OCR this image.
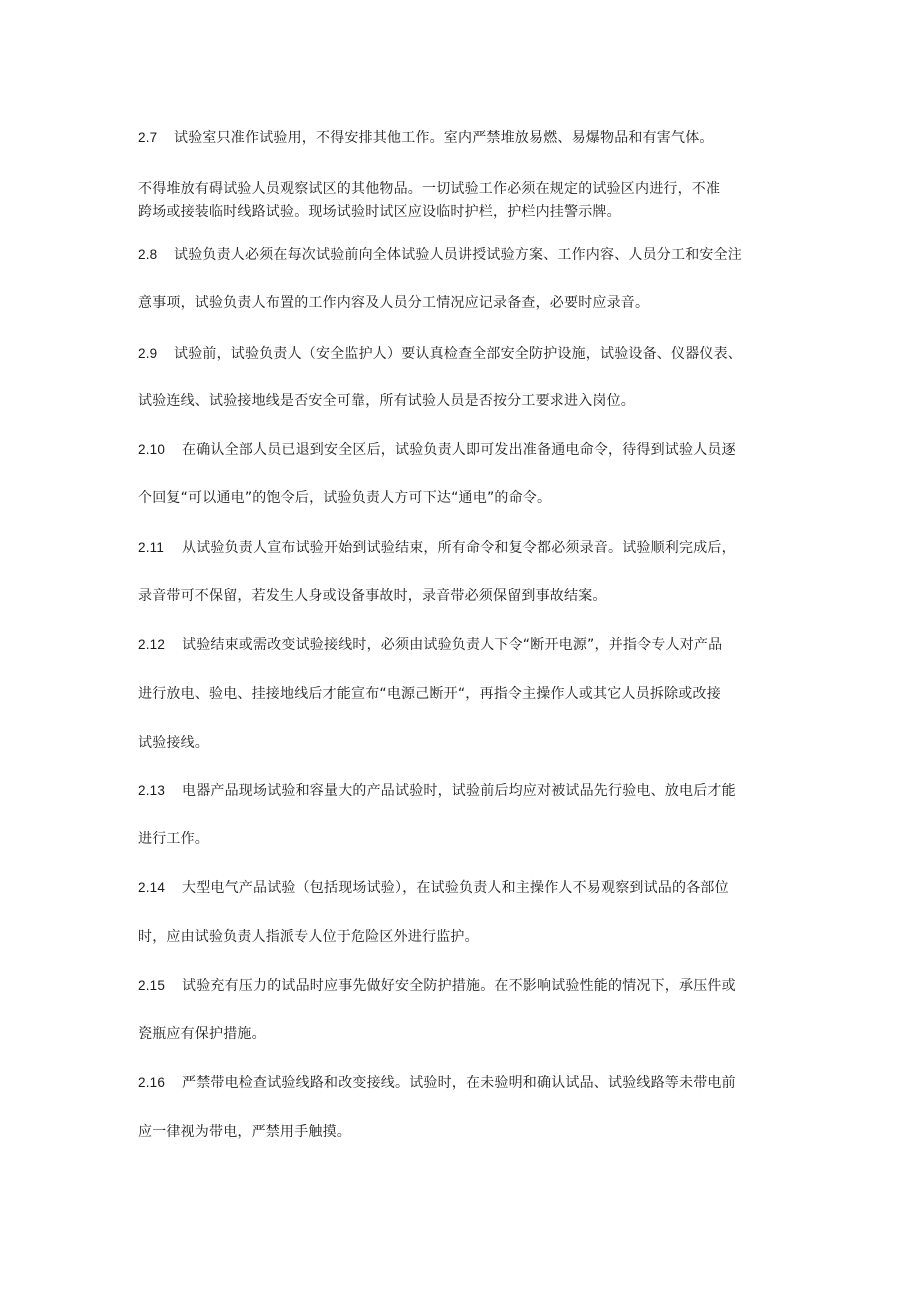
2.7 试验室只准作试验用，不得安排其他工作。室内严禁堆放易燃、易爆物品和有害气体。
不得堆放有碍试验人员观察试区的其他物品。一切试验工作必须在规定的试验区内进行，不准
跨场或接装临时线路试验。现场试验时试区应设临时护栏，护栏内挂警示牌。
2.8 试验负责人必须在每次试验前向全体试验人员讲授试验方案、工作内容、人员分工和安全注
意事项，试验负责人布置的工作内容及人员分工情况应记录备查，必要时应录音。
2.9 试验前，试验负责人（安全监护人）要认真检查全部安全防护设施，试验设备、仪器仪表、
试验连线、试验接地线是否安全可靠，所有试验人员是否按分工要求进入岗位。
2.10 在确认全部人员已退到安全区后，试验负责人即可发出准备通电命令，待得到试验人员逐
个回复“可以通电”的饱令后，试验负责人方可下达“通电”的命令。
2.11 从试验负责人宣布试验开始到试验结束，所有命令和复令都必须录音。试验顺利完成后，
录音带可不保留，若发生人身或设备事故时，录音带必须保留到事故结案。
2.12 试验结束或需改变试验接线时，必须由试验负责人下令“断开电源”，并指令专人对产品
进行放电、验电、挂接地线后才能宣布“电源己断开“，再指令主操作人或其它人员拆除或改接
试验接线。
2.13 电器产品现场试验和容量大的产品试验时，试验前后均应对被试品先行验电、放电后才能
进行工作。
2.14 大型电气产品试验（包括现场试验），在试验负责人和主操作人不易观察到试品的各部位
时，应由试验负责人指派专人位于危险区外进行监护。
2.15 试验充有压力的试品时应事先做好安全防护措施。在不影响试验性能的情况下，承压件或
瓷瓶应有保护措施。
2.16 严禁带电检查试验线路和改变接线。试验时，在未验明和确认试品、试验线路等未带电前
应一律视为带电，严禁用手触摸。
